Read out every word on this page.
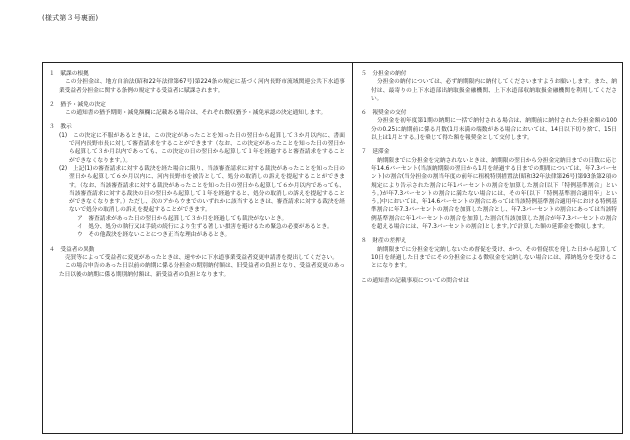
(様式第３号裏面)
１　賦課の根拠
この分担金は、地方自治法(昭和22年法律第67号)第224条の規定に基づく河内長野市流域関連公共下水道事業受益者分担金に関する条例の規定する受益者に賦課されます。
２　猶予・減免の決定
この通知書の猶予期間・減免額欄に記載ある場合は、それぞれ徴収猶予・減免承認の決定通知します。
３　教示
(1)　この決定に不服があるときは、この決定があったことを知った日の翌日から起算して３か月以内に、書面で河内長野市長に対して審査請求をすることができます（なお、この決定があったことを知った日の翌日から起算して３か月以内であっても、この決定の日の翌日から起算して１年を経過すると審査請求をすることができなくなります。）。
(2)　上記(1)の審査請求に対する裁決を経た場合に限り、当該審査請求に対する裁決があったことを知った日の翌日から起算して６か月以内に、河内長野市を被告として、処分の取消しの訴えを提起することができます。（なお、当該審査請求に対する裁決があったことを知った日の翌日から起算して６か月以内であっても、当該審査請求に対する裁決の日の翌日から起算して１年を経過すると、処分の取消しの訴えを提起することができなくなります。）ただし、次のアからウまでのいずれかに該当するときは、審査請求に対する裁決を経ないで処分の取消しの訴えを提起することができます。
ア　審査請求があった日の翌日から起算して３か月を経過しても裁決がないとき。
イ　処分、処分の執行又は手続の続行により生ずる著しい損害を避けるため緊急の必要があるとき。
ウ　その他裁決を経ないことにつき正当な理由があるとき。
４　受益者の異動
売買等によって受益者に変更があったときは、速やかに下水道事業受益者変更申請書を提出してください。
この場合申告のあった日以前の納期に係る分担金の期別納付額は、旧受益者の負担となり、受益者変更のあった日以後の納期に係る期別納付額は、新受益者の負担となります。
５　分担金の納付
分担金の納付については、必ず納期限内に納付してくださいますようお願いします。また、納付は、最寄りの上下水道部出納取扱金融機関、上下水道部収納取扱金融機関を利用してください。
６　報奨金の交付
分担金を初年度第1期の納期に一括で納付される場合は、納期前に納付された分担金額の100分の0.25に納期前に係る月数(1月未満の端数がある場合においては、14日以下切り捨て、15日以上は1月とする。)を乗じて得た額を報奨金として交付します。
７　延滞金
納期限までに分担金を完納されないときは、納期限の翌日から分担金完納日までの日数に応じ年14.6パーセント(当該納期限の翌日から1月を経過する日までの期間については、年7.3パーセント)の割合(当分担金の割当年度の前年に租税特別措置法(昭和32年法律第26号)第93条第2項の規定により告示された割合に年1パーセントの割合を加算した割合(以下「特例基準割合」という。)が年7.3パーセントの割合に満たない場合には、その年(以下「特例基準割合適用年」という。)中においては、年14.6パーセントの割合にあっては当該特例基準割合適用年における特例基準割合に年7.3パーセントの割合を加算した割合とし、年7.3パーセントの割合にあっては当該特例基準割合に年1パーセントの割合を加算した割合(当該加算した割合が年7.3パーセントの割合を超える場合には、年7.3パーセントの割合)とします。)で計算した額の延滞金を徴収します。
８　財産の差押え
納期限までに分担金を完納しないため督促を受け、かつ、その督促状を発した日から起算して10日を経過した日までにその分担金による徴収金を完納しない場合には、滞納処分を受けることになります。
この通知書の記載事項についての問合せは
